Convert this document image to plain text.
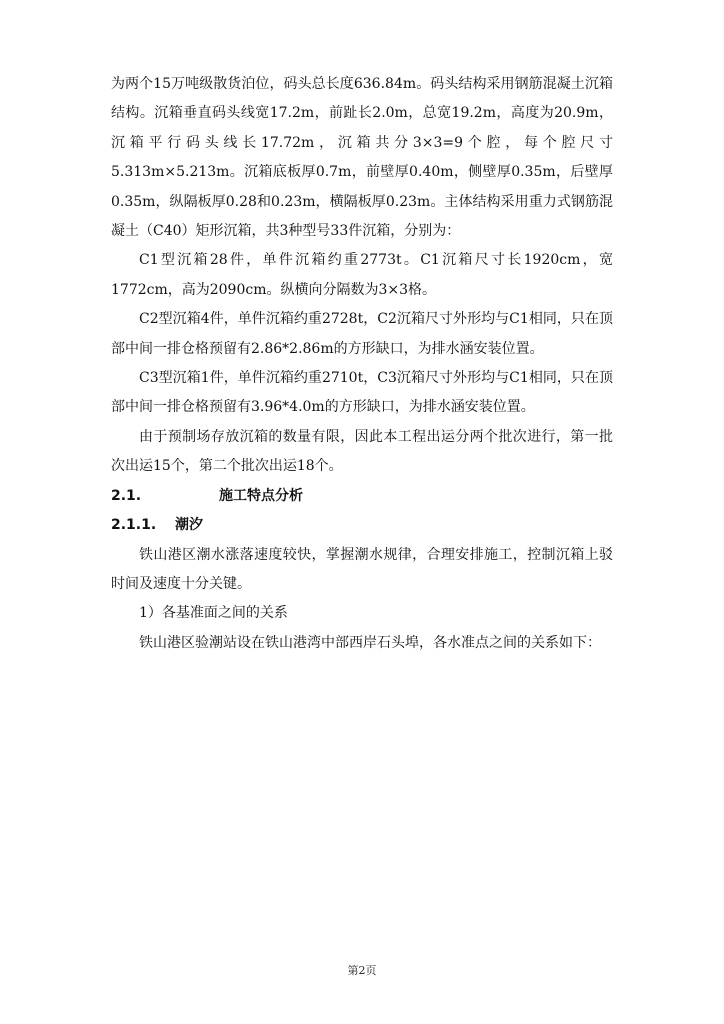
为两个15万吨级散货泊位，码头总长度636.84m。码头结构采用钢筋混凝土沉箱结构。沉箱垂直码头线宽17.2m，前趾长2.0m，总宽19.2m，高度为20.9m，沉箱平行码头线长17.72m，沉箱共分3×3=9个腔，每个腔尺寸5.313m×5.213m。沉箱底板厚0.7m，前壁厚0.40m，侧壁厚0.35m，后壁厚0.35m，纵隔板厚0.28和0.23m，横隔板厚0.23m。主体结构采用重力式钢筋混凝土（C40）矩形沉箱，共3种型号33件沉箱，分别为：

C1型沉箱28件，单件沉箱约重2773t。C1沉箱尺寸长1920cm，宽1772cm，高为2090cm。纵横向分隔数为3×3格。

C2型沉箱4件，单件沉箱约重2728t，C2沉箱尺寸外形均与C1相同，只在顶部中间一排仓格预留有2.86*2.86m的方形缺口，为排水涵安装位置。

C3型沉箱1件，单件沉箱约重2710t，C3沉箱尺寸外形均与C1相同，只在顶部中间一排仓格预留有3.96*4.0m的方形缺口，为排水涵安装位置。

由于预制场存放沉箱的数量有限，因此本工程出运分两个批次进行，第一批次出运15个，第二个批次出运18个。

2.1.	施工特点分析

2.1.1. 潮汐

铁山港区潮水涨落速度较快，掌握潮水规律，合理安排施工，控制沉箱上驳时间及速度十分关键。

1）各基准面之间的关系

铁山港区验潮站设在铁山港湾中部西岸石头埠，各水准点之间的关系如下：

第2页
